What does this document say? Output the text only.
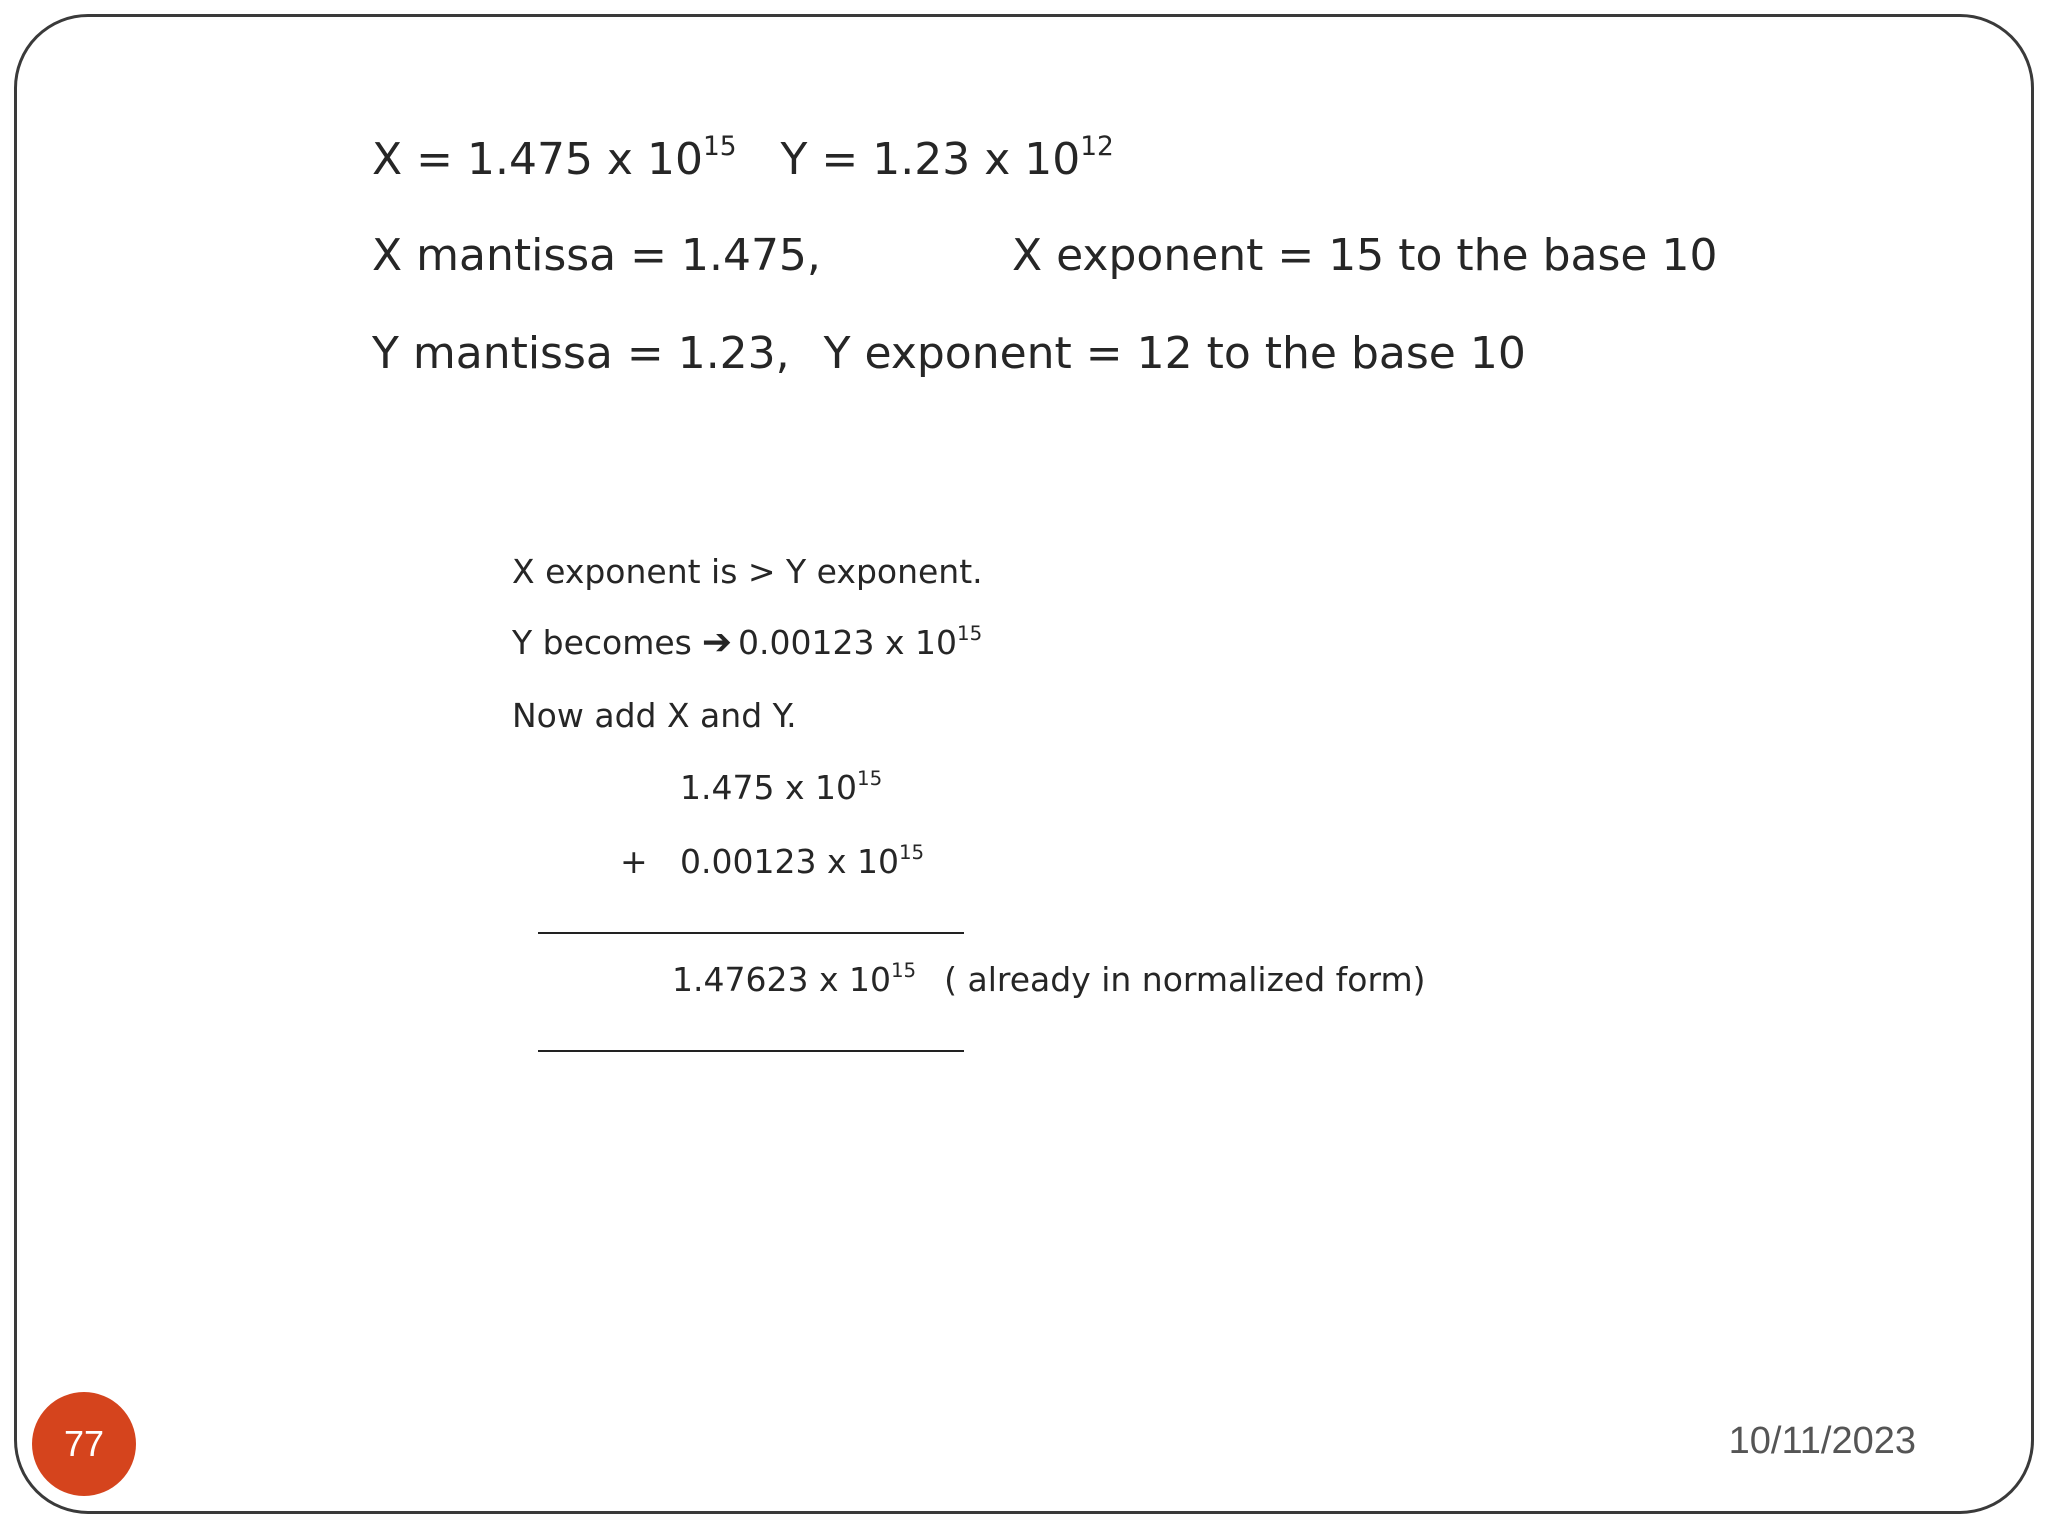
X = 1.475 x $10^{15}$ Y = 1.23 x $10^{12}$
X mantissa = 1.475,	X exponent = 15 to the base 10
Y mantissa = 1.23, Y exponent = 12 to the base 10
X exponent is > Y exponent.
Y becomes ➔ 0.00123 x $10^{15}$
Now add X and Y.
1.475 x $10^{15}$
+ 0.00123 x $10^{15}$
1.47623 x $10^{15}$ ( already in normalized form)
77	10/11/2023
